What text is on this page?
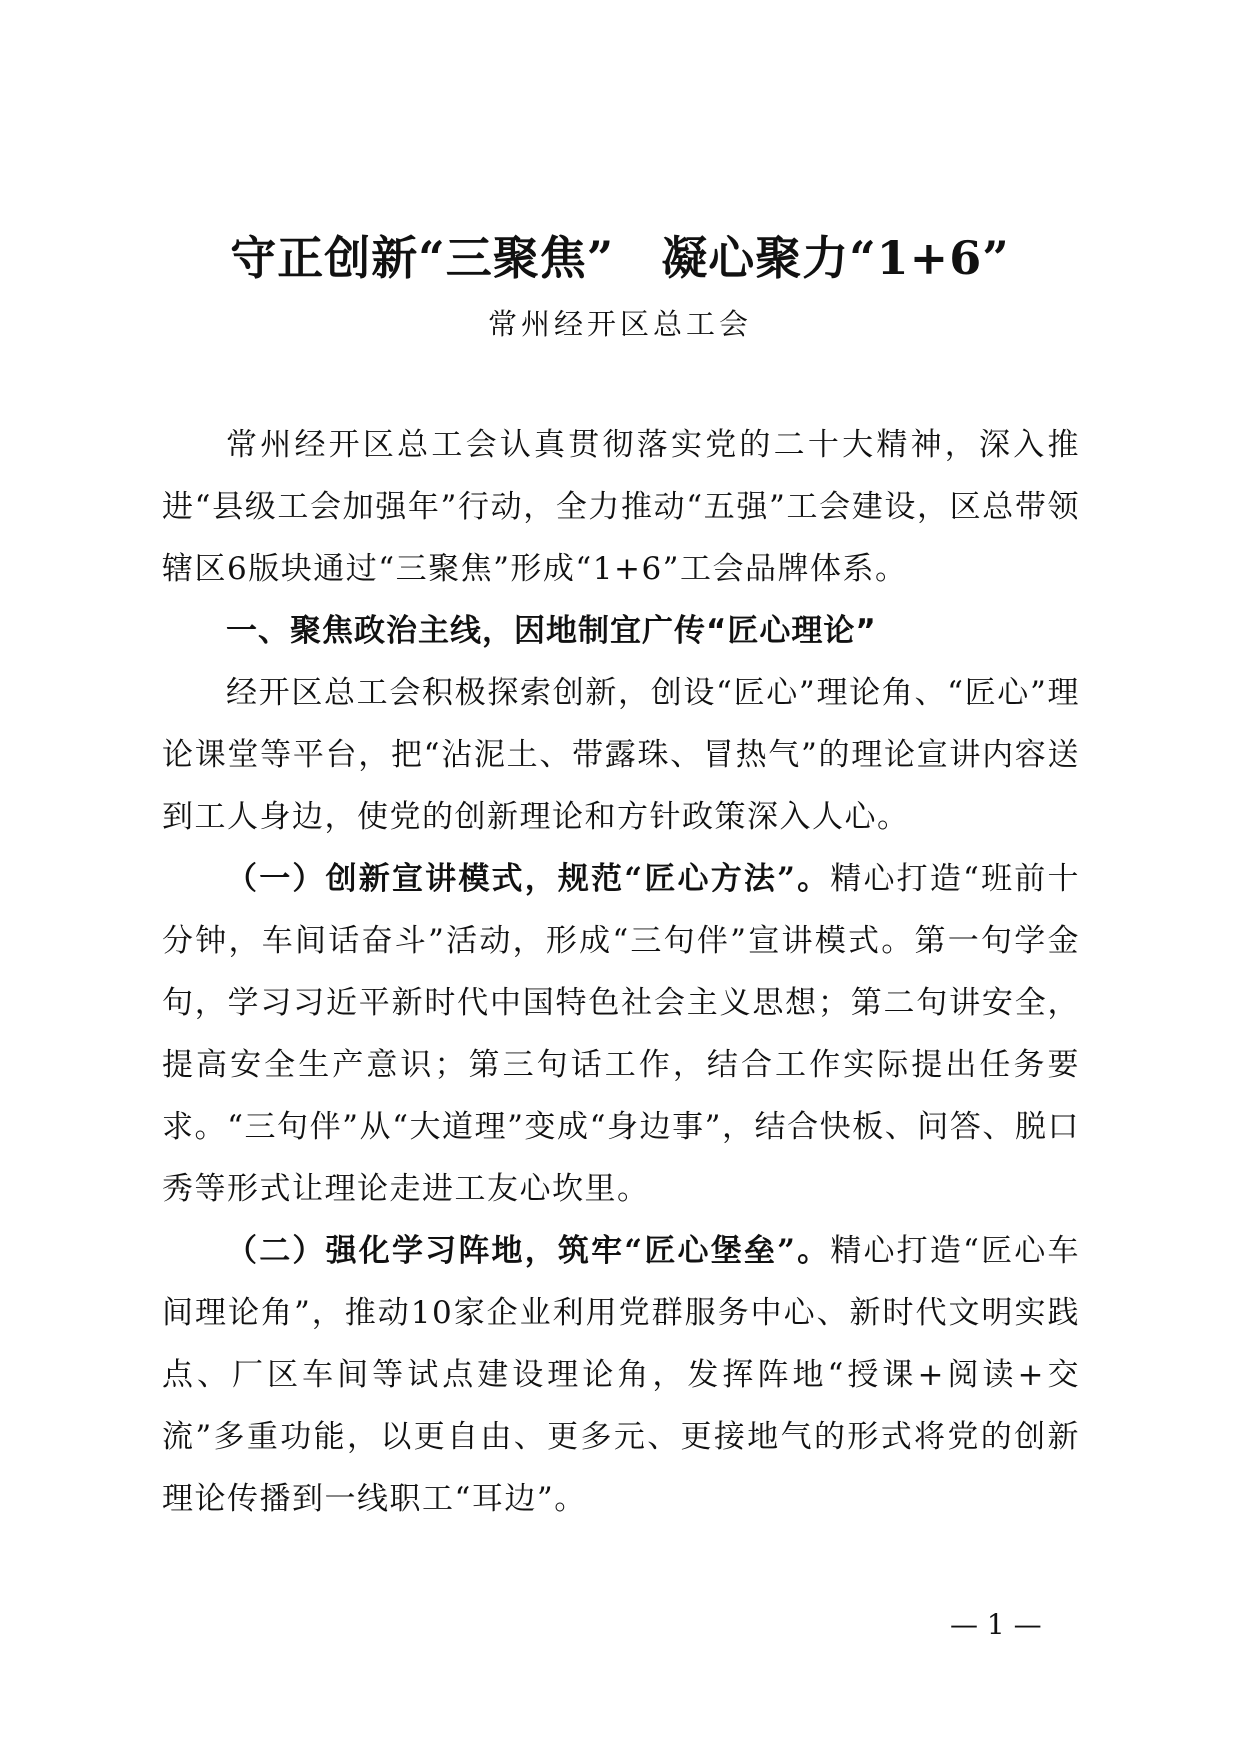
守正创新“三聚焦”　凝心聚力“1+6”
常州经开区总工会

常州经开区总工会认真贯彻落实党的二十大精神，深入推进“县级工会加强年”行动，全力推动“五强”工会建设，区总带领辖区6版块通过“三聚焦”形成“1+6”工会品牌体系。

一、聚焦政治主线，因地制宜广传“匠心理论”

经开区总工会积极探索创新，创设“匠心”理论角、“匠心”理论课堂等平台，把“沾泥土、带露珠、冒热气”的理论宣讲内容送到工人身边，使党的创新理论和方针政策深入人心。

（一）创新宣讲模式，规范“匠心方法”。精心打造“班前十分钟，车间话奋斗”活动，形成“三句伴”宣讲模式。第一句学金句，学习习近平新时代中国特色社会主义思想；第二句讲安全，提高安全生产意识；第三句话工作，结合工作实际提出任务要求。“三句伴”从“大道理”变成“身边事”，结合快板、问答、脱口秀等形式让理论走进工友心坎里。

（二）强化学习阵地，筑牢“匠心堡垒”。精心打造“匠心车间理论角”，推动10家企业利用党群服务中心、新时代文明实践点、厂区车间等试点建设理论角，发挥阵地“授课+阅读+交流”多重功能，以更自由、更多元、更接地气的形式将党的创新理论传播到一线职工“耳边”。

— 1 —
